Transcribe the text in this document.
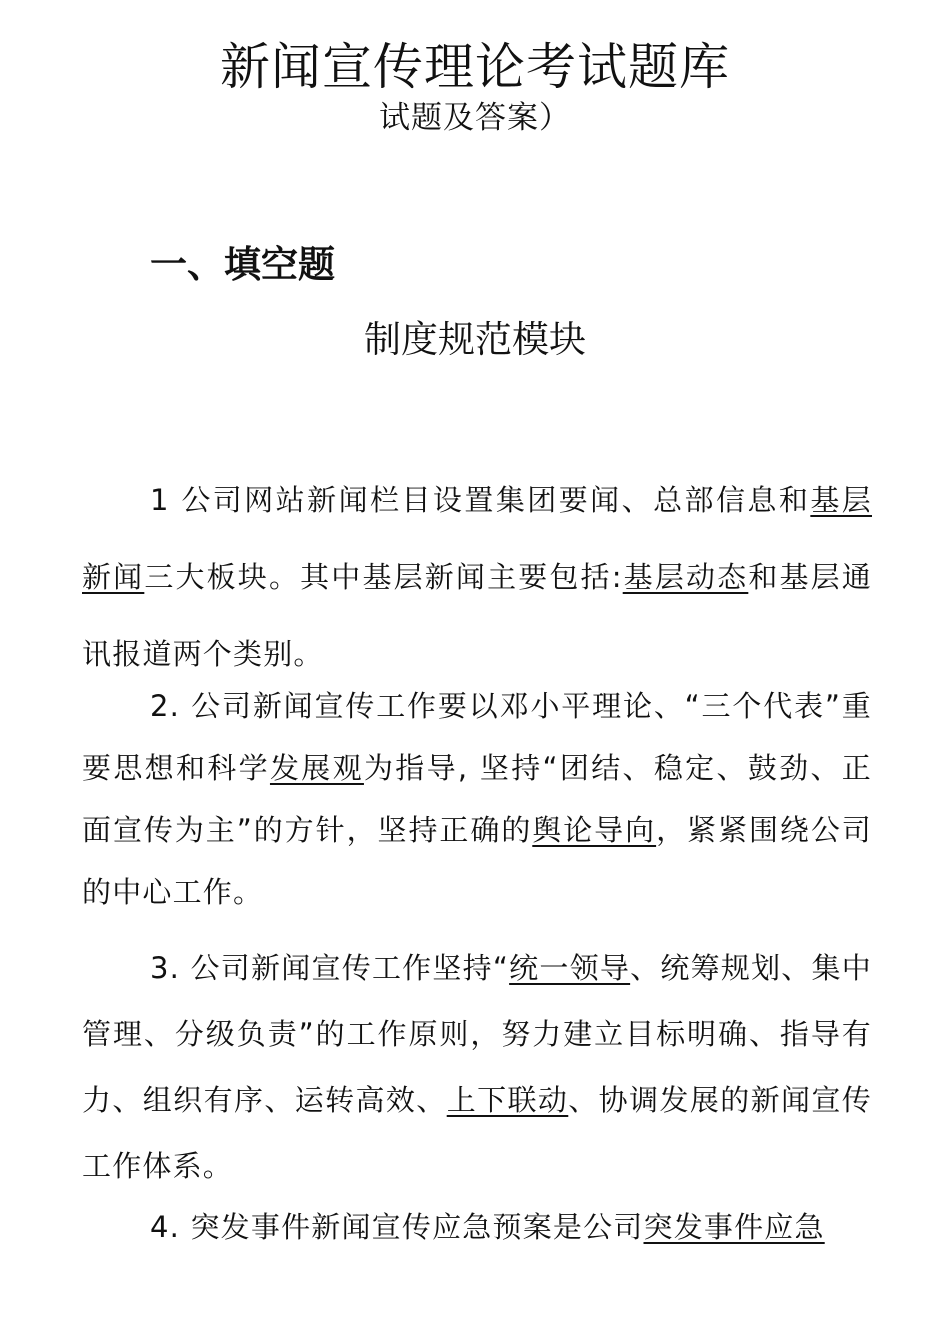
新闻宣传理论考试题库
试题及答案）
一、填空题
制度规范模块

1 公司网站新闻栏目设置集团要闻、总部信息和基层新闻三大板块。其中基层新闻主要包括:基层动态和基层通讯报道两个类别。

2. 公司新闻宣传工作要以邓小平理论、“三个代表”重要思想和科学发展观为指导, 坚持“团结、稳定、鼓劲、正面宣传为主”的方针，坚持正确的舆论导向，紧紧围绕公司的中心工作。

3. 公司新闻宣传工作坚持“统一领导、统筹规划、集中管理、分级负责”的工作原则，努力建立目标明确、指导有力、组织有序、运转高效、上下联动、协调发展的新闻宣传工作体系。

4. 突发事件新闻宣传应急预案是公司突发事件应急
